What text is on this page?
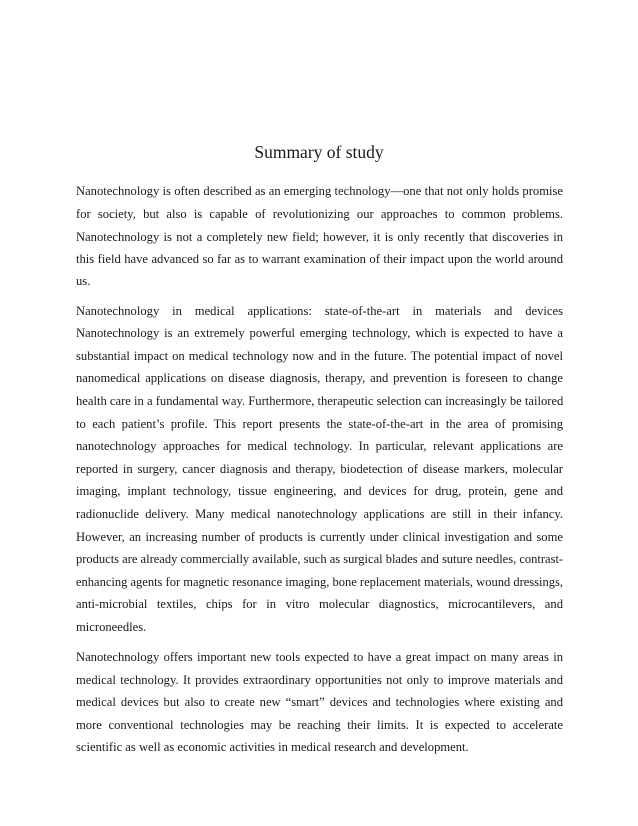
Summary of study
Nanotechnology is often described as an emerging technology—one that not only holds promise
for society, but also is capable of revolutionizing our approaches to common problems.
Nanotechnology is not a completely new field; however, it is only recently that discoveries in
this field have advanced so far as to warrant examination of their impact upon the world around
us.
Nanotechnology in medical applications: state-of-the-art in materials and devices
Nanotechnology is an extremely powerful emerging technology, which is expected to have a
substantial impact on medical technology now and in the future. The potential impact of novel
nanomedical applications on disease diagnosis, therapy, and prevention is foreseen to change
health care in a fundamental way. Furthermore, therapeutic selection can increasingly be tailored
to each patient’s profile. This report presents the state-of-the-art in the area of promising
nanotechnology approaches for medical technology. In particular, relevant applications are
reported in surgery, cancer diagnosis and therapy, biodetection of disease markers, molecular
imaging, implant technology, tissue engineering, and devices for drug, protein, gene and
radionuclide delivery. Many medical nanotechnology applications are still in their infancy.
However, an increasing number of products is currently under clinical investigation and some
products are already commercially available, such as surgical blades and suture needles, contrast-
enhancing agents for magnetic resonance imaging, bone replacement materials, wound dressings,
anti-microbial textiles, chips for in vitro molecular diagnostics, microcantilevers, and
microneedles.
Nanotechnology offers important new tools expected to have a great impact on many areas in
medical technology. It provides extraordinary opportunities not only to improve materials and
medical devices but also to create new “smart” devices and technologies where existing and
more conventional technologies may be reaching their limits. It is expected to accelerate
scientific as well as economic activities in medical research and development.
